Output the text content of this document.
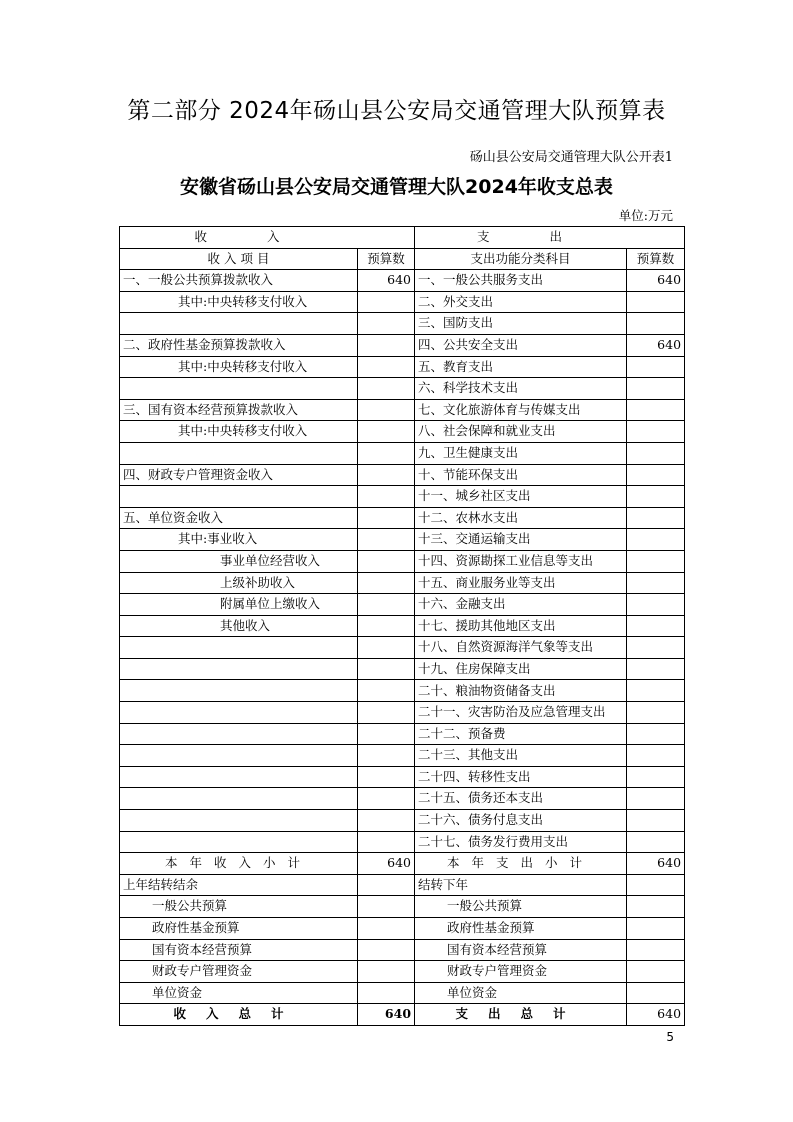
第二部分 2024年砀山县公安局交通管理大队预算表
砀山县公安局交通管理大队公开表1
安徽省砀山县公安局交通管理大队2024年收支总表
单位:万元
收入		支出	
收 入 项 目	预算数	支出功能分类科目	预算数
一、一般公共预算拨款收入	640	一、一般公共服务支出	640
其中:中央转移支付收入		二、外交支出	
		三、国防支出	
二、政府性基金预算拨款收入		四、公共安全支出	640
其中:中央转移支付收入		五、教育支出	
		六、科学技术支出	
三、国有资本经营预算拨款收入		七、文化旅游体育与传媒支出	
其中:中央转移支付收入		八、社会保障和就业支出	
		九、卫生健康支出	
四、财政专户管理资金收入		十、节能环保支出	
		十一、城乡社区支出	
五、单位资金收入		十二、农林水支出	
其中:事业收入		十三、交通运输支出	
事业单位经营收入		十四、资源勘探工业信息等支出	
上级补助收入		十五、商业服务业等支出	
附属单位上缴收入		十六、金融支出	
其他收入		十七、援助其他地区支出	
		十八、自然资源海洋气象等支出	
		十九、住房保障支出	
		二十、粮油物资储备支出	
		二十一、灾害防治及应急管理支出	
		二十二、预备费	
		二十三、其他支出	
		二十四、转移性支出	
		二十五、债务还本支出	
		二十六、债务付息支出	
		二十七、债务发行费用支出	
本年收入小计	640	本年支出小计	640
上年结转结余		结转下年	
一般公共预算		一般公共预算	
政府性基金预算		政府性基金预算	
国有资本经营预算		国有资本经营预算	
财政专户管理资金		财政专户管理资金	
单位资金		单位资金	
收入总计	640	支出总计	640
5
